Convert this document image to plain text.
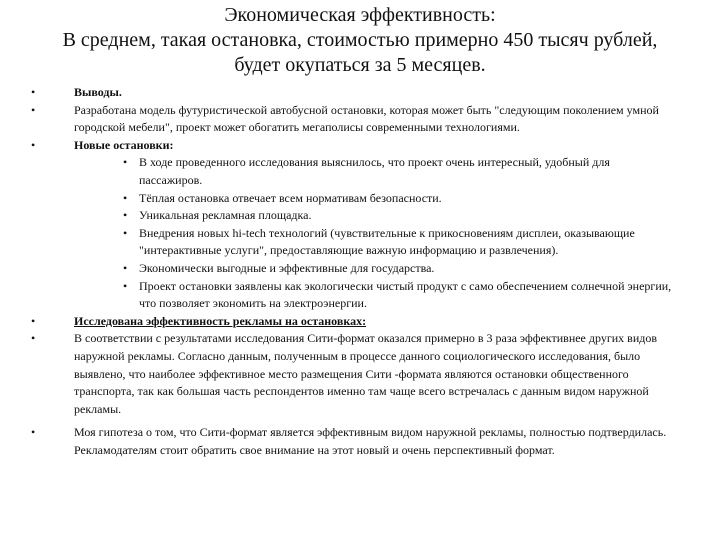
Экономическая эффективность:
В среднем, такая остановка, стоимостью примерно 450 тысяч рублей,
будет окупаться за 5 месяцев.
•	Выводы.
•	Разработана модель футуристической автобусной остановки, которая может быть "следующим поколением умной городской мебели", проект может обогатить мегаполисы современными технологиями.
•	Новые остановки:
• В ходе проведенного исследования выяснилось, что проект очень интересный, удобный для пассажиров.
• Тёплая остановка отвечает всем нормативам безопасности.
• Уникальная рекламная площадка.
• Внедрения новых hi-tech технологий (чувствительные к прикосновениям дисплеи, оказывающие "интерактивные услуги", предоставляющие важную информацию и развлечения).
• Экономически выгодные и эффективные для государства.
• Проект остановки заявлены как экологически чистый продукт с само обеспечением солнечной энергии, что позволяет экономить на электроэнергии.
•	Исследована эффективность рекламы на остановках:
•	В соответствии с результатами исследования Сити-формат оказался примерно в 3 раза эффективнее других видов наружной рекламы. Согласно данным, полученным в процессе данного социологического исследования, было выявлено, что наиболее эффективное место размещения Сити -формата являются остановки общественного транспорта, так как большая часть респондентов именно там чаще всего встречалась с данным видом наружной рекламы.
•	Моя гипотеза о том, что Сити-формат является эффективным видом наружной рекламы, полностью подтвердилась. Рекламодателям стоит обратить свое внимание на этот новый и очень перспективный формат.
